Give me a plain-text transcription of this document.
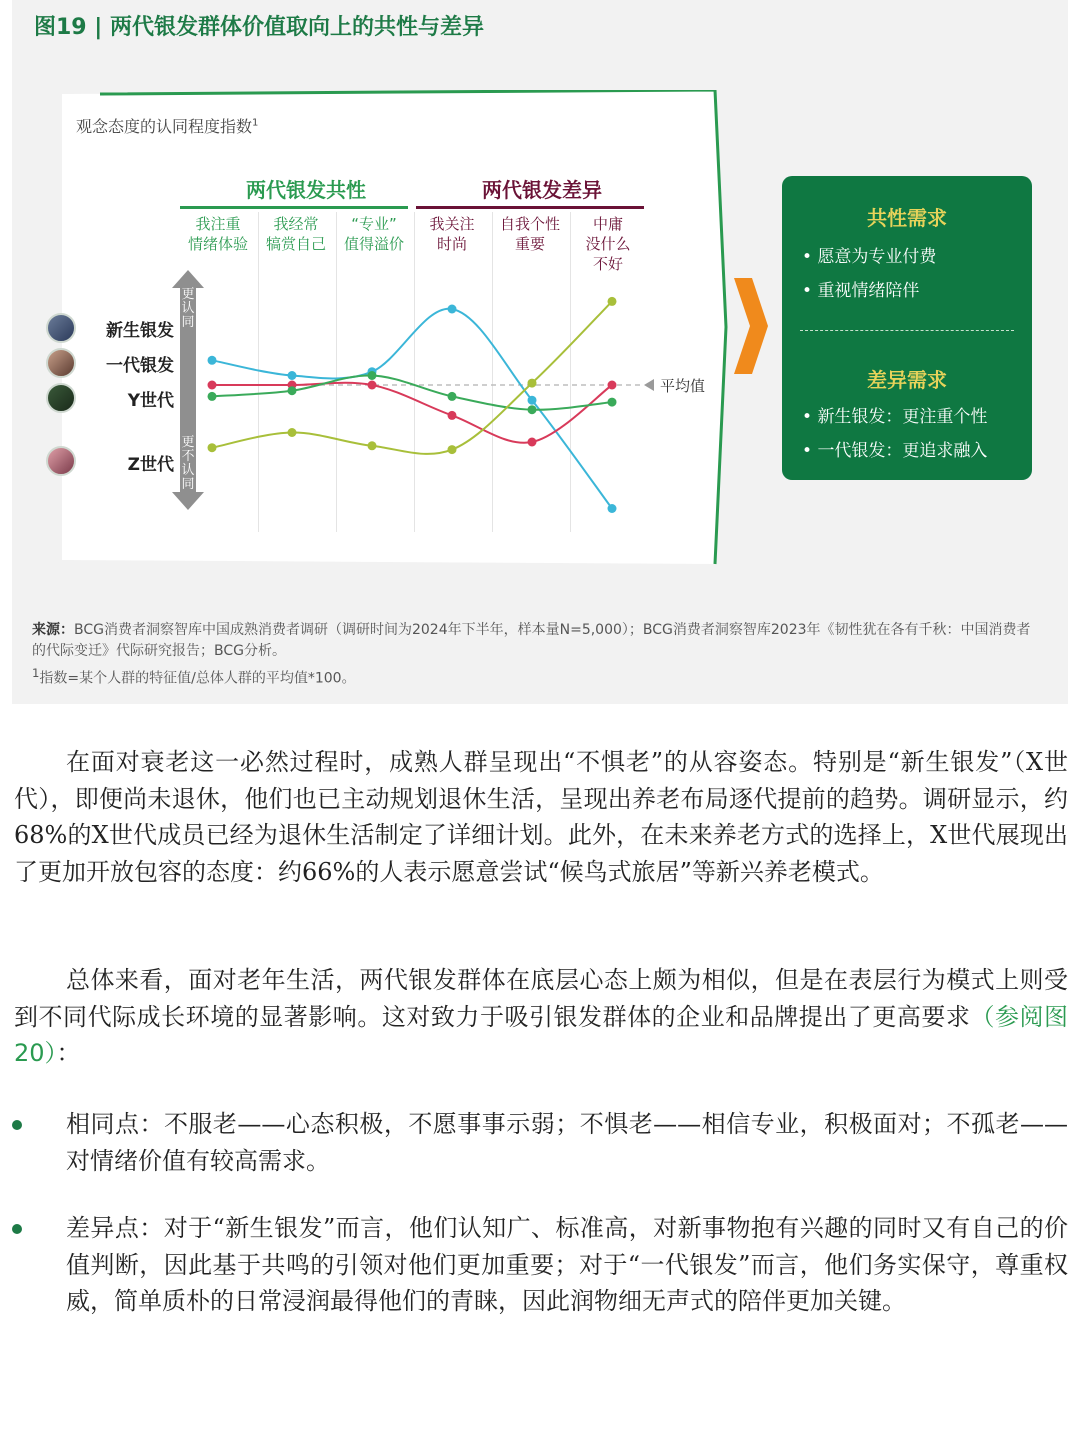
图19 | 两代银发群体价值取向上的共性与差异
观念态度的认同程度指数$^1$
两代银发共性	两代银发差异
我注重
情绪体验
我经常
犒赏自己
“专业”
值得溢价
我关注
时尚
自我个性
重要
中庸
没什么
不好
新生银发
一代银发
Y世代
Z世代
更认同
更不认同
平均值
共性需求
• 愿意为专业付费
• 重视情绪陪伴
差异需求
• 新生银发：更注重个性
• 一代银发：更追求融入
来源：BCG消费者洞察智库中国成熟消费者调研（调研时间为2024年下半年，样本量N=5,000）；BCG消费者洞察智库2023年《韧性犹在各有千秋：中国消费者的代际变迁》代际研究报告；BCG分析。
$^1$指数=某个人群的特征值/总体人群的平均值*100。
在面对衰老这一必然过程时，成熟人群呈现出“不惧老”的从容姿态。特别是“新生银发”（X世代），即便尚未退休，他们也已主动规划退休生活，呈现出养老布局逐代提前的趋势。调研显示，约68%的X世代成员已经为退休生活制定了详细计划。此外，在未来养老方式的选择上，X世代展现出了更加开放包容的态度：约66%的人表示愿意尝试“候鸟式旅居”等新兴养老模式。
总体来看，面对老年生活，两代银发群体在底层心态上颇为相似，但是在表层行为模式上则受到不同代际成长环境的显著影响。这对致力于吸引银发群体的企业和品牌提出了更高要求（参阅图20）：
相同点：不服老——心态积极，不愿事事示弱；不惧老——相信专业，积极面对；不孤老——对情绪价值有较高需求。
差异点：对于“新生银发”而言，他们认知广、标准高，对新事物抱有兴趣的同时又有自己的价值判断，因此基于共鸣的引领对他们更加重要；对于“一代银发”而言，他们务实保守，尊重权威，简单质朴的日常浸润最得他们的青睐，因此润物细无声式的陪伴更加关键。
